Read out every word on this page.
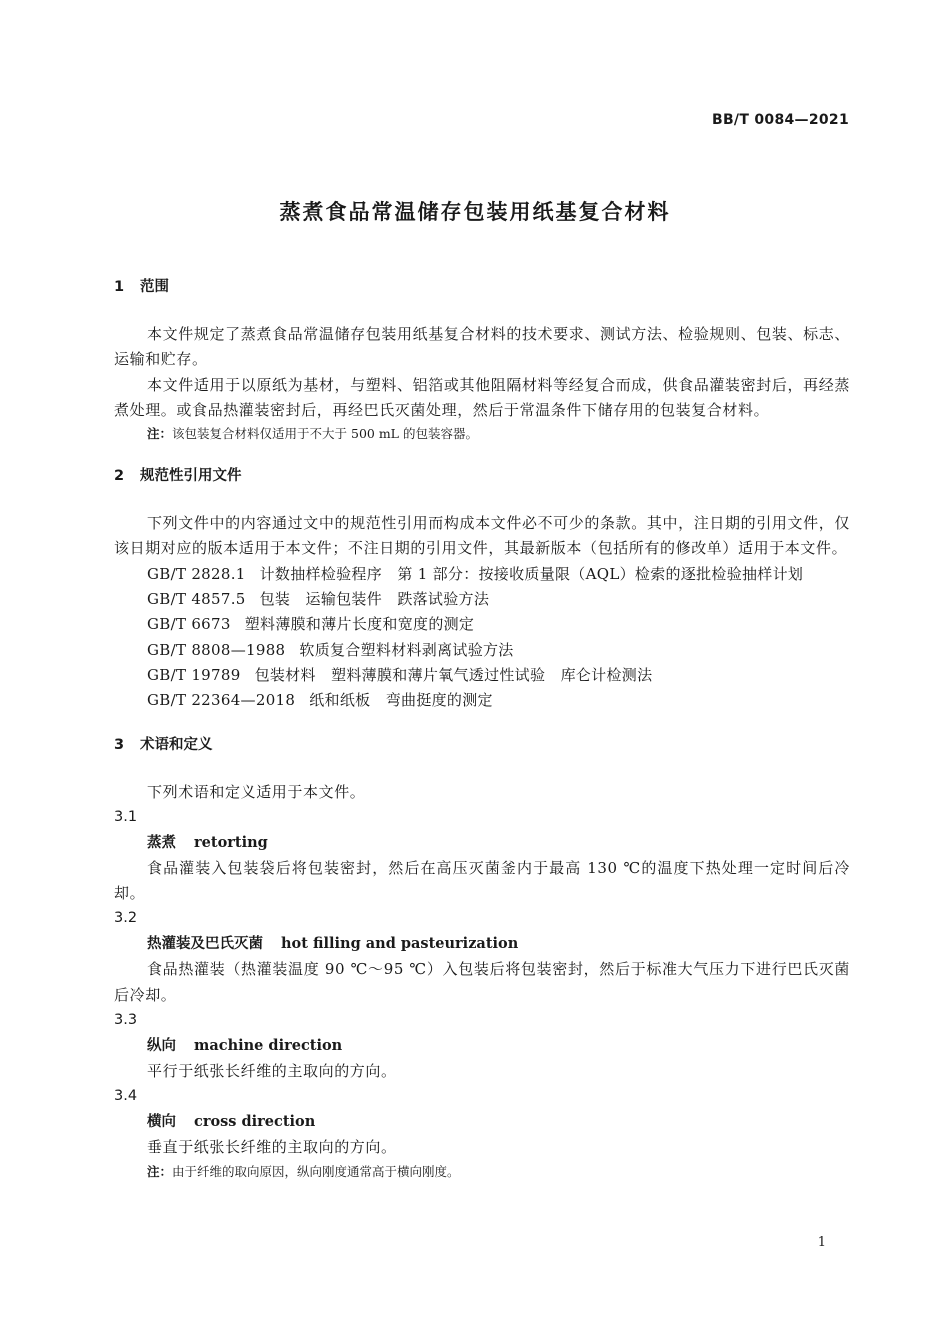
BB/T 0084—2021
蒸煮食品常温储存包装用纸基复合材料
1 范围
本文件规定了蒸煮食品常温储存包装用纸基复合材料的技术要求、测试方法、检验规则、包装、标志、运输和贮存。
本文件适用于以原纸为基材，与塑料、铝箔或其他阻隔材料等经复合而成，供食品灌装密封后，再经蒸煮处理。或食品热灌装密封后，再经巴氏灭菌处理，然后于常温条件下储存用的包装复合材料。
注：该包装复合材料仅适用于不大于 500 mL 的包装容器。
2 规范性引用文件
下列文件中的内容通过文中的规范性引用而构成本文件必不可少的条款。其中，注日期的引用文件，仅该日期对应的版本适用于本文件；不注日期的引用文件，其最新版本（包括所有的修改单）适用于本文件。
GB/T 2828.1 计数抽样检验程序　第 1 部分：按接收质量限（AQL）检索的逐批检验抽样计划
GB/T 4857.5 包装　运输包装件　跌落试验方法
GB/T 6673 塑料薄膜和薄片长度和宽度的测定
GB/T 8808—1988 软质复合塑料材料剥离试验方法
GB/T 19789 包装材料　塑料薄膜和薄片氧气透过性试验　库仑计检测法
GB/T 22364—2018 纸和纸板　弯曲挺度的测定
3 术语和定义
下列术语和定义适用于本文件。
3.1
蒸煮 retorting
食品灌装入包装袋后将包装密封，然后在高压灭菌釜内于最高 130 ℃的温度下热处理一定时间后冷却。
3.2
热灌装及巴氏灭菌 hot filling and pasteurization
食品热灌装（热灌装温度 90 ℃～95 ℃）入包装后将包装密封，然后于标准大气压力下进行巴氏灭菌后冷却。
3.3
纵向 machine direction
平行于纸张长纤维的主取向的方向。
3.4
横向 cross direction
垂直于纸张长纤维的主取向的方向。
注：由于纤维的取向原因，纵向刚度通常高于横向刚度。
1
